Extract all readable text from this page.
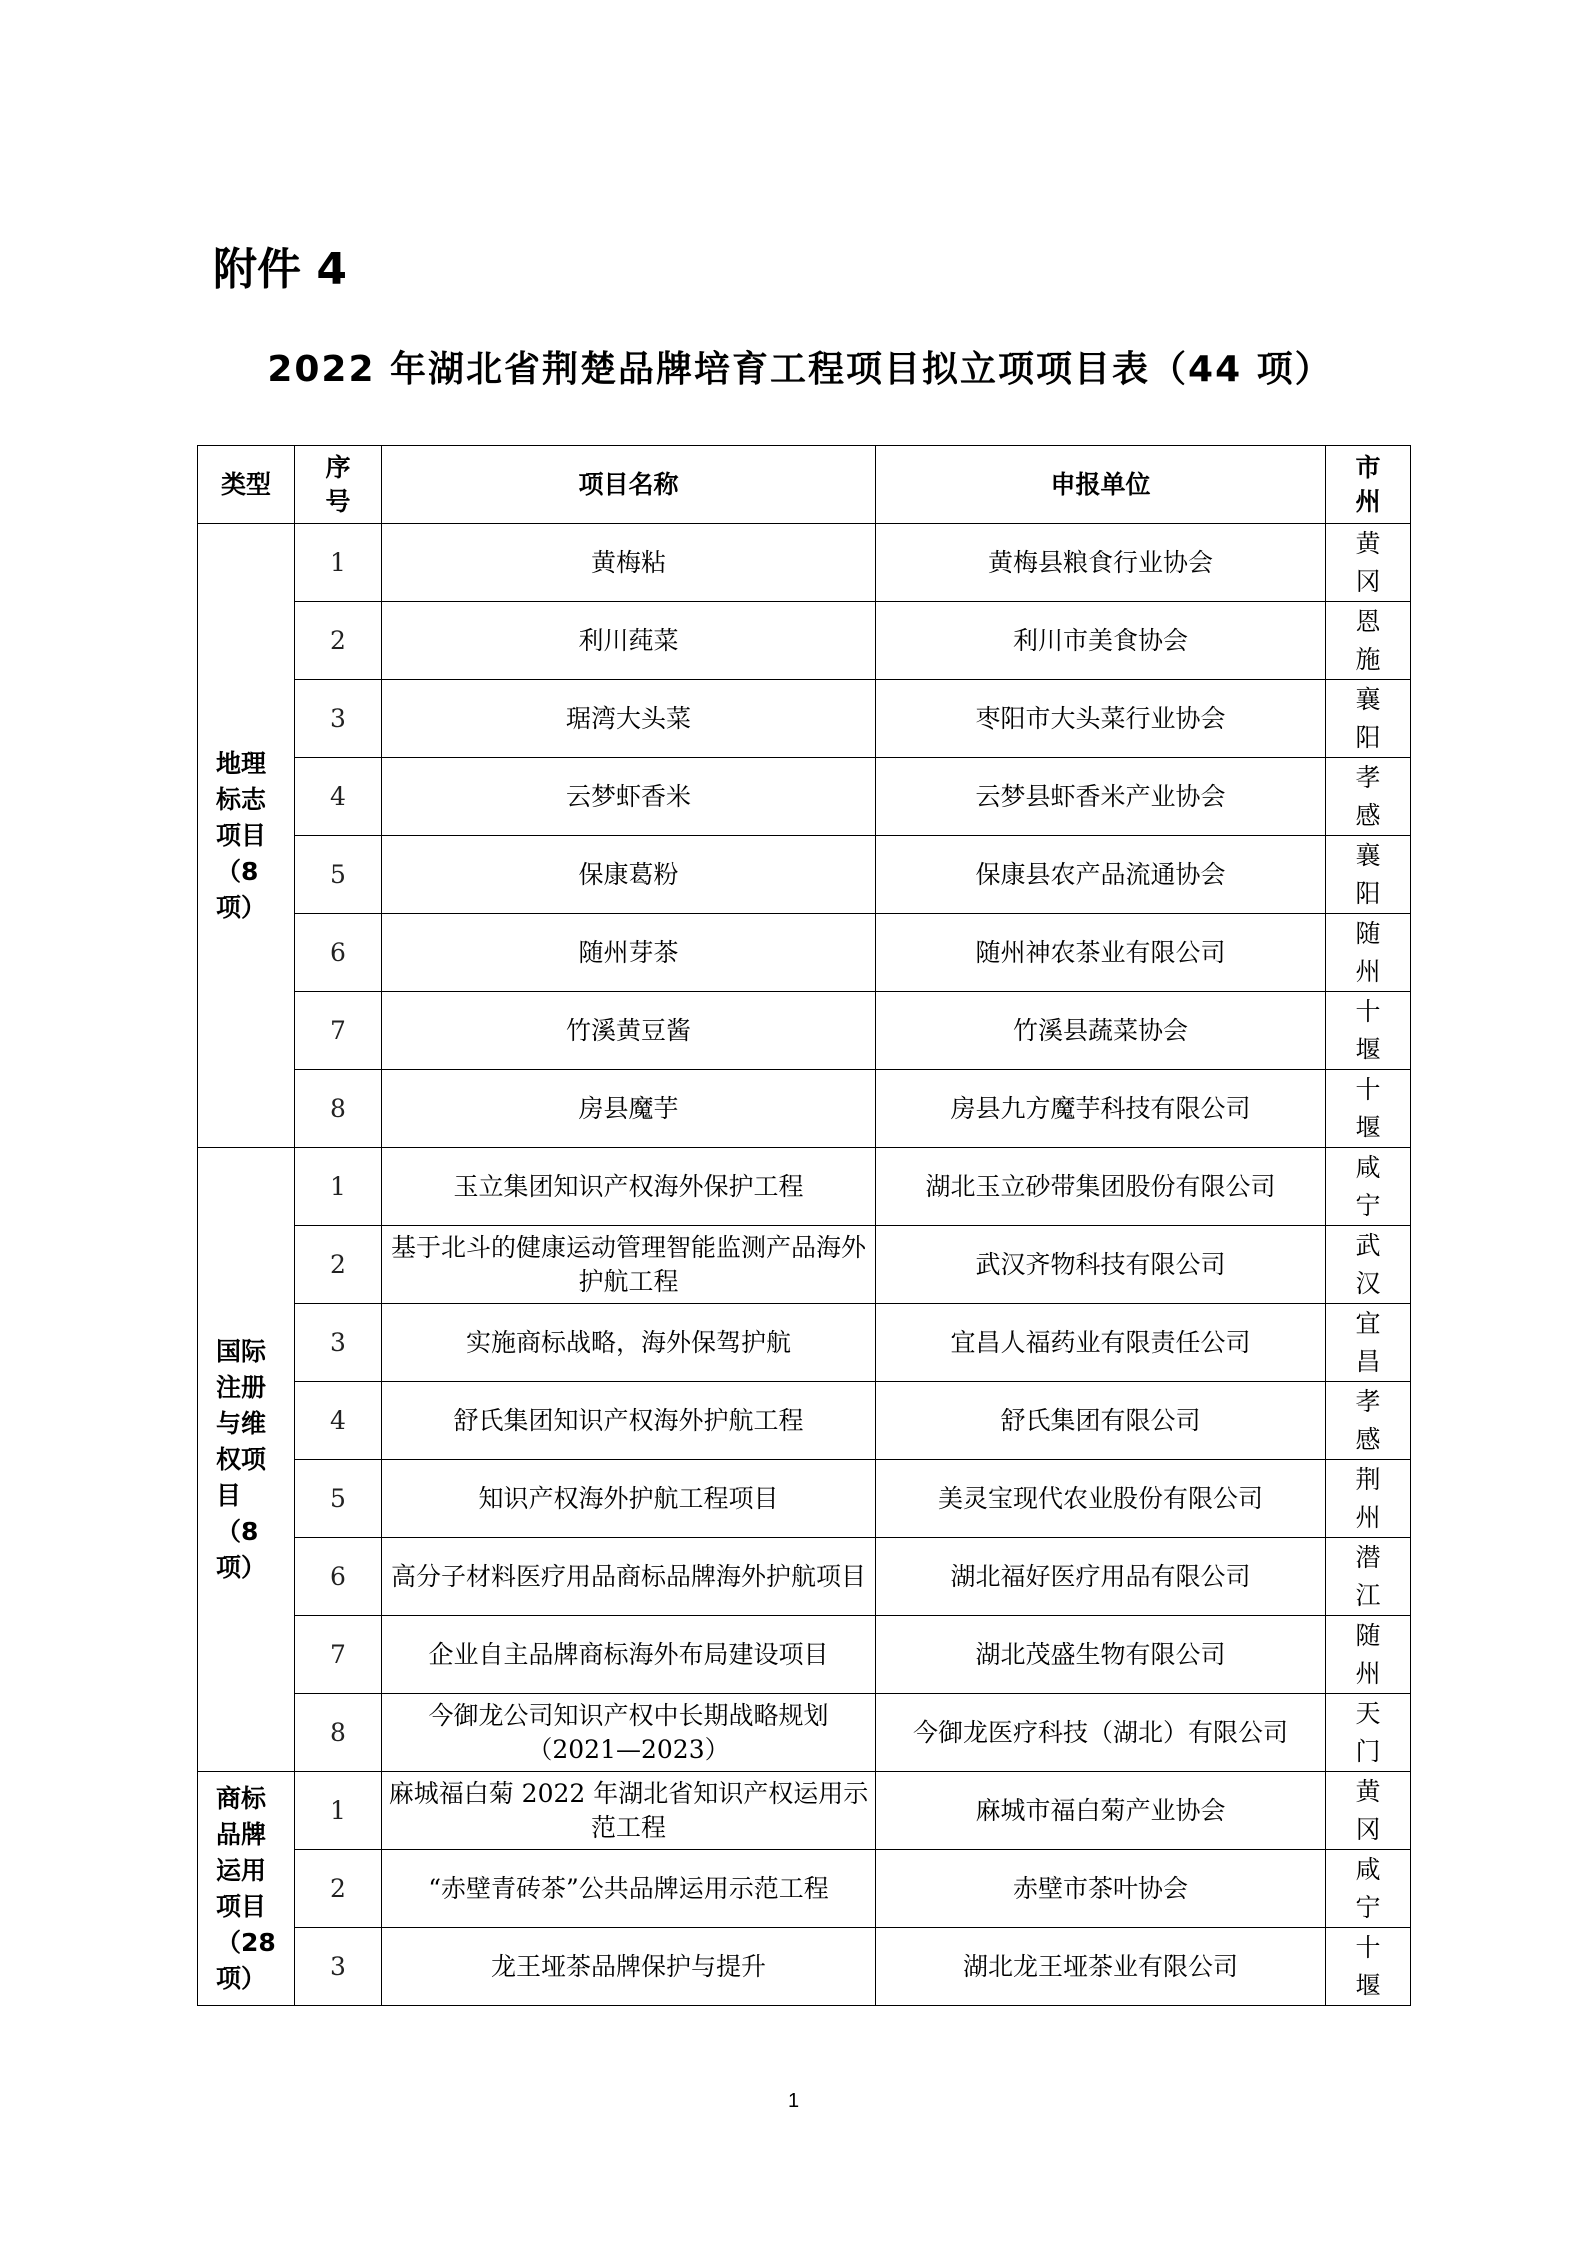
附件 4
2022 年湖北省荆楚品牌培育工程项目拟立项项目表（44 项）
类型	序号	项目名称	申报单位	市州

地理标志项目（8项）	1	黄梅粘	黄梅县粮食行业协会	黄冈

	2	利川莼菜	利川市美食协会	恩施

	3	琚湾大头菜	枣阳市大头菜行业协会	襄阳

	4	云梦虾香米	云梦县虾香米产业协会	孝感

	5	保康葛粉	保康县农产品流通协会	襄阳

	6	随州芽茶	随州神农茶业有限公司	随州

	7	竹溪黄豆酱	竹溪县蔬菜协会	十堰

	8	房县魔芋	房县九方魔芋科技有限公司	十堰

国际注册与维权项目（8项）	1	玉立集团知识产权海外保护工程	湖北玉立砂带集团股份有限公司	咸宁

	2	基于北斗的健康运动管理智能监测产品海外护航工程	武汉齐物科技有限公司	武汉

	3	实施商标战略，海外保驾护航	宜昌人福药业有限责任公司	宜昌

	4	舒氏集团知识产权海外护航工程	舒氏集团有限公司	孝感

	5	知识产权海外护航工程项目	美灵宝现代农业股份有限公司	荆州

	6	高分子材料医疗用品商标品牌海外护航项目	湖北福好医疗用品有限公司	潜江

	7	企业自主品牌商标海外布局建设项目	湖北茂盛生物有限公司	随州

	8	今御龙公司知识产权中长期战略规划（2021—2023）	今御龙医疗科技（湖北）有限公司	天门

商标品牌运用项目（28项）	1	麻城福白菊 2022 年湖北省知识产权运用示范工程	麻城市福白菊产业协会	黄冈

	2	“赤壁青砖茶”公共品牌运用示范工程	赤壁市茶叶协会	咸宁

	3	龙王垭茶品牌保护与提升	湖北龙王垭茶业有限公司	十堰

1
